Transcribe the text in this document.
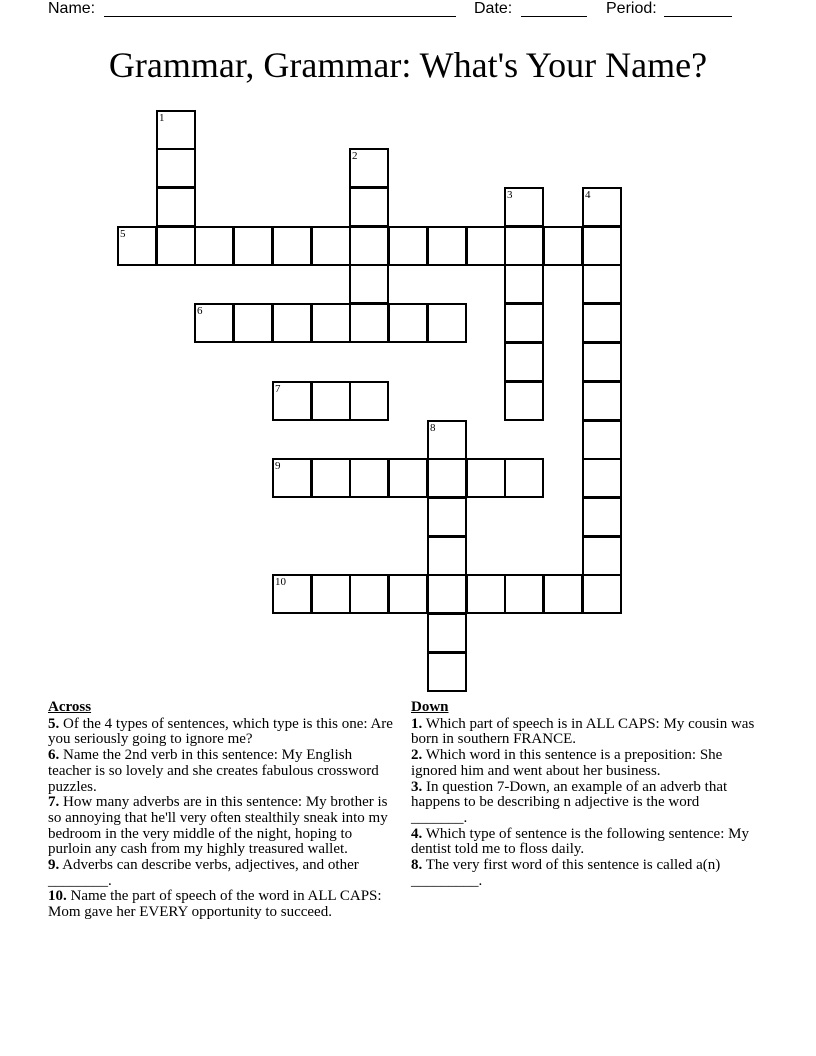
Name:	Date:	Period:
Grammar, Grammar: What's Your Name?
1
2
3	4
5
6
7
8
9
10
Across

5. Of the 4 types of sentences, which type is this one: Are you seriously going to ignore me?

6. Name the 2nd verb in this sentence: My English teacher is so lovely and she creates fabulous crossword puzzles.

7. How many adverbs are in this sentence: My brother is so annoying that he'll very often stealthily sneak into my bedroom in the very middle of the night, hoping to purloin any cash from my highly treasured wallet.

9. Adverbs can describe verbs, adjectives, and other ________.

10. Name the part of speech of the word in ALL CAPS: Mom gave her EVERY opportunity to succeed.

Down

1. Which part of speech is in ALL CAPS: My cousin was born in southern FRANCE.

2. Which word in this sentence is a preposition: She ignored him and went about her business.

3. In question 7-Down, an example of an adverb that happens to be describing n adjective is the word _______.

4. Which type of sentence is the following sentence: My dentist told me to floss daily.

8. The very first word of this sentence is called a(n) _________.
